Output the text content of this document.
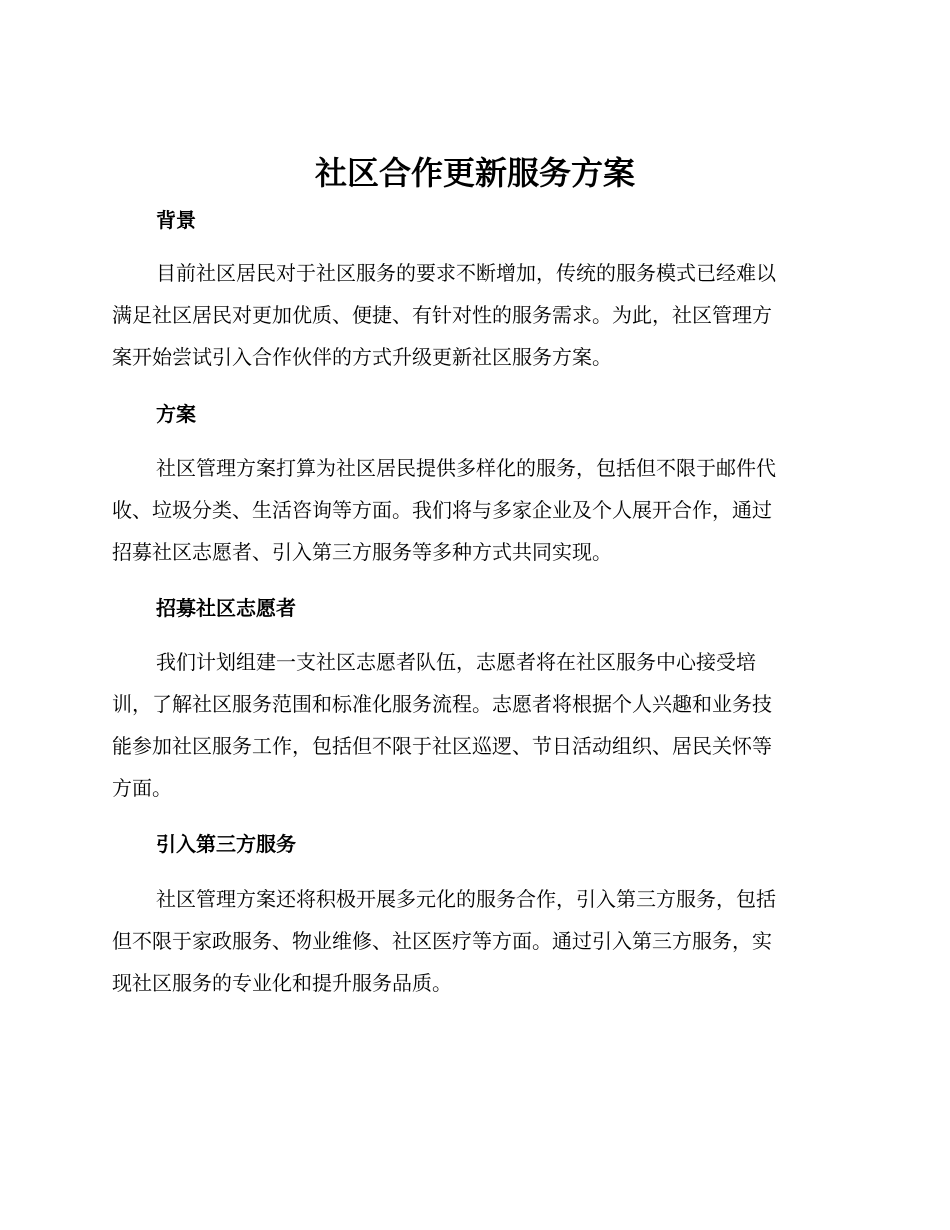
社区合作更新服务方案
背景

目前社区居民对于社区服务的要求不断增加，传统的服务模式已经难以
满足社区居民对更加优质、便捷、有针对性的服务需求。为此，社区管理方
案开始尝试引入合作伙伴的方式升级更新社区服务方案。

方案

社区管理方案打算为社区居民提供多样化的服务，包括但不限于邮件代
收、垃圾分类、生活咨询等方面。我们将与多家企业及个人展开合作，通过
招募社区志愿者、引入第三方服务等多种方式共同实现。

招募社区志愿者

我们计划组建一支社区志愿者队伍，志愿者将在社区服务中心接受培
训，了解社区服务范围和标准化服务流程。志愿者将根据个人兴趣和业务技
能参加社区服务工作，包括但不限于社区巡逻、节日活动组织、居民关怀等
方面。

引入第三方服务

社区管理方案还将积极开展多元化的服务合作，引入第三方服务，包括
但不限于家政服务、物业维修、社区医疗等方面。通过引入第三方服务，实
现社区服务的专业化和提升服务品质。
